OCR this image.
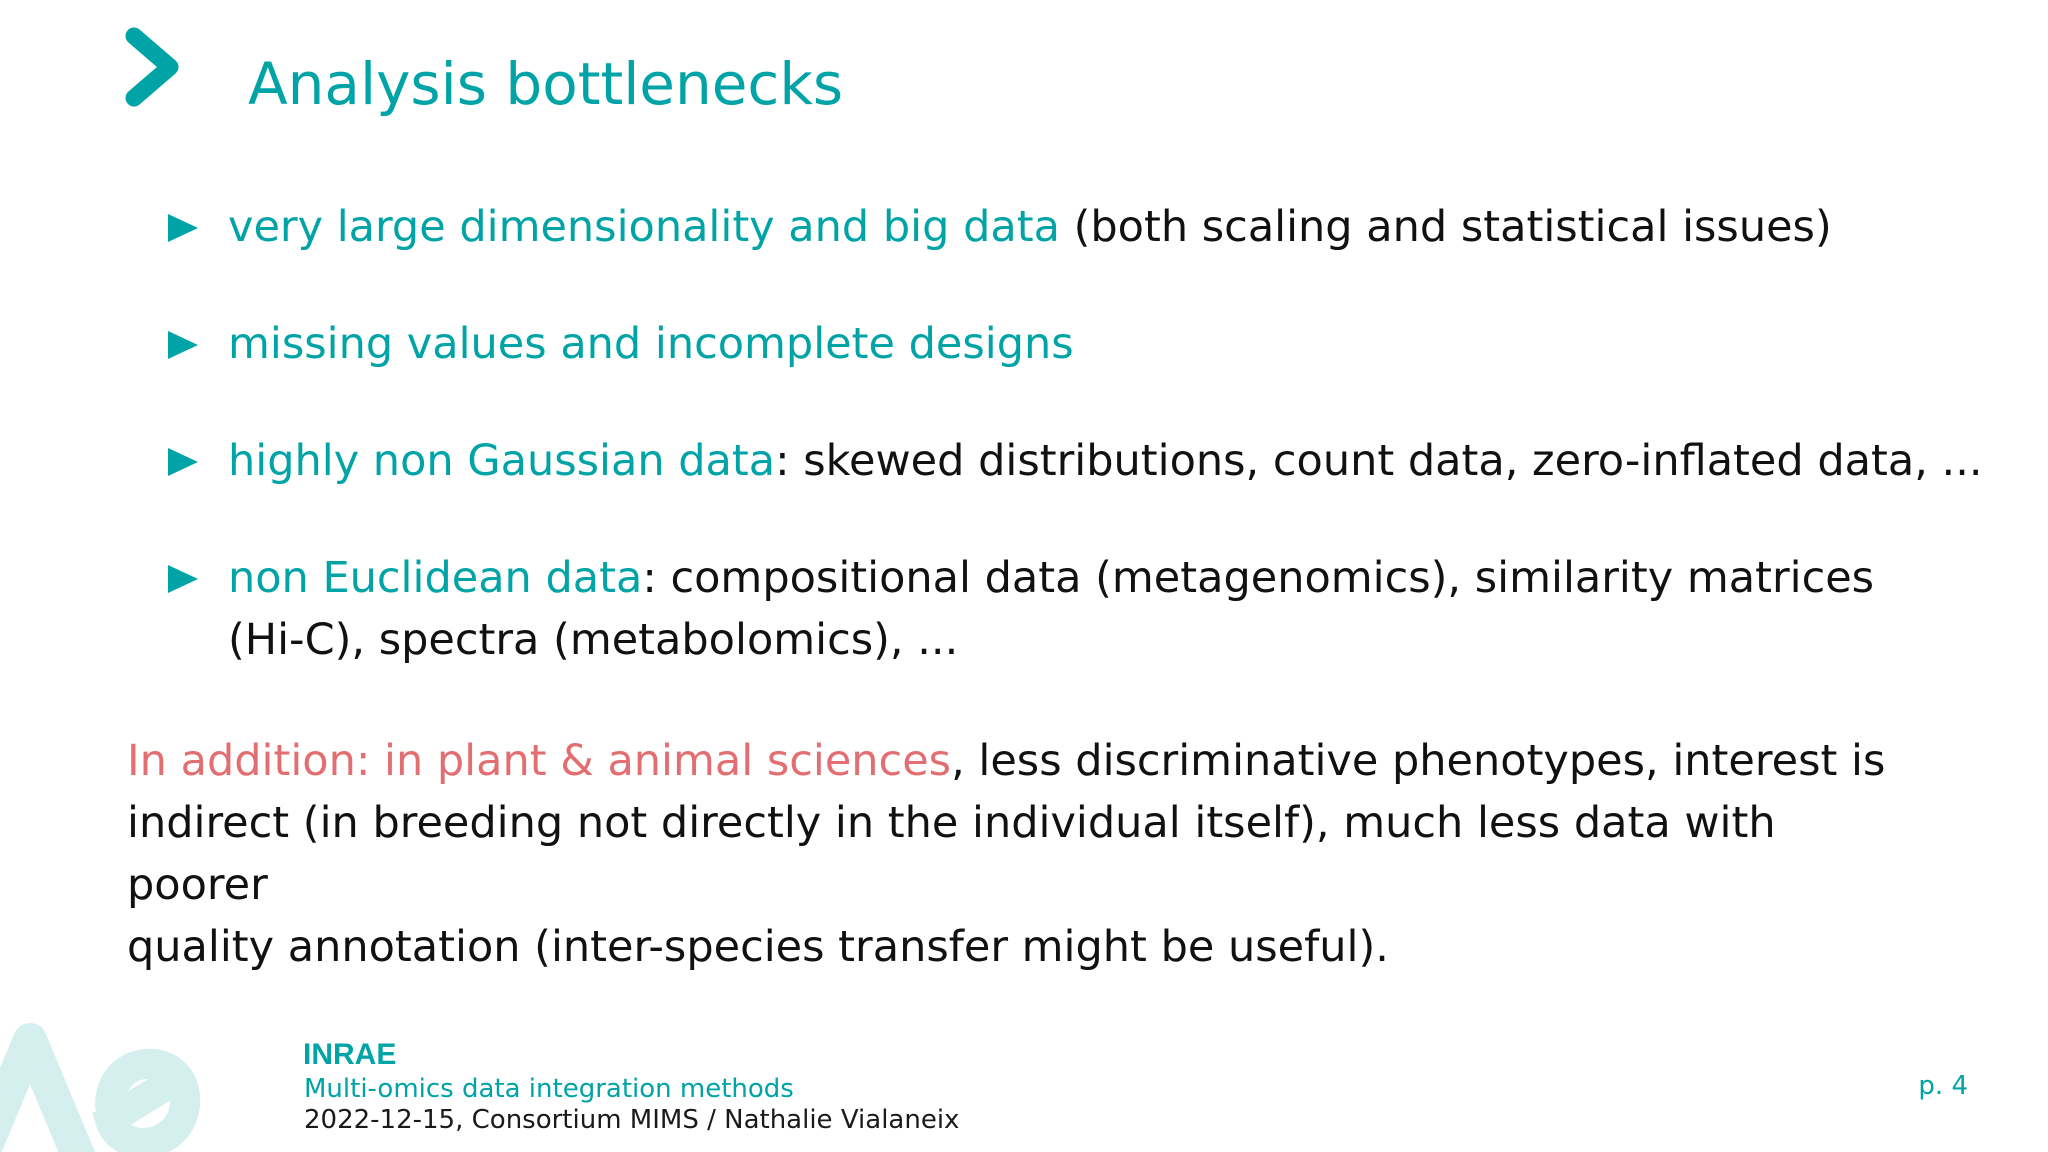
Analysis bottlenecks
very large dimensionality and big data (both scaling and statistical issues)
missing values and incomplete designs
highly non Gaussian data: skewed distributions, count data, zero-inflated data, ...
non Euclidean data: compositional data (metagenomics), similarity matrices
(Hi-C), spectra (metabolomics), ...

In addition: in plant & animal sciences, less discriminative phenotypes, interest is
indirect (in breeding not directly in the individual itself), much less data with poorer
quality annotation (inter-species transfer might be useful).

INRAE
Multi-omics data integration methods
2022-12-15, Consortium MIMS / Nathalie Vialaneix
p. 4
